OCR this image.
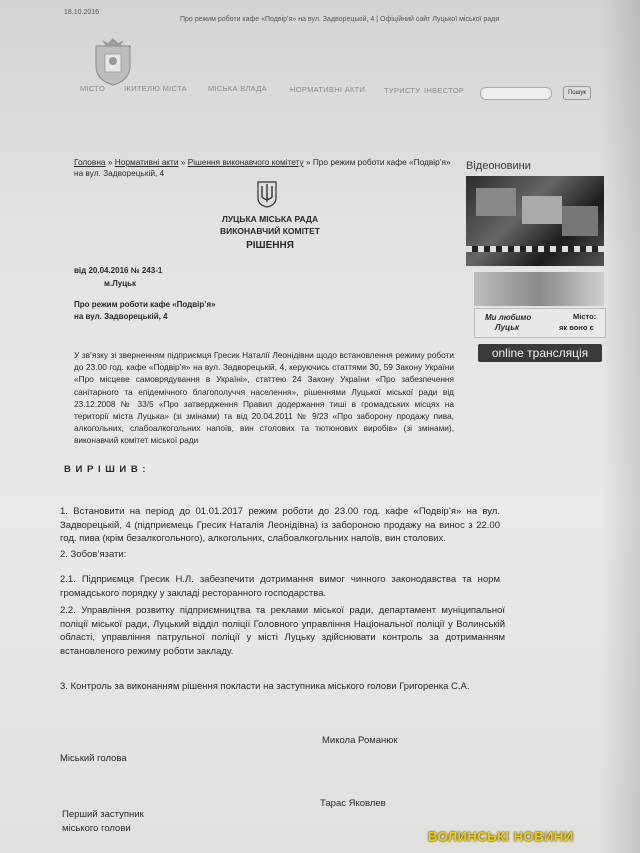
18.10.2016
Про режим роботи кафе «Подвір’я» на вул. Задворецькій, 4 | Офіційний сайт Луцької міської ради
МІСТО	ЖИТЕЛЮ МІСТА	МІСЬКА ВЛАДА	НОРМАТИВНІ АКТИ	ТУРИСТУ ІНВЕСТОР	Пошук
Головна » Нормативні акти » Рішення виконавчого комітету » Про режим роботи кафе «Подвір’я» на вул. Задворецькій, 4
ЛУЦЬКА МІСЬКА РАДА
ВИКОНАВЧИЙ КОМІТЕТ
РІШЕННЯ
від 20.04.2016 № 243-1
м.Луцьк
Про режим роботи кафе «Подвір’я»
на вул. Задворецькій, 4
У зв’язку зі зверненням підприємця Гресик Наталії Леонідівни щодо встановлення режиму роботи до 23.00 год. кафе «Подвір’я» на вул. Задворецькій, 4, керуючись статтями 30, 59 Закону України «Про місцеве самоврядування в Україні», статтею 24 Закону України «Про забезпечення санітарного та епідемічного благополуччя населення», рішеннями Луцької міської ради від 23.12.2008 № 33/5 «Про затвердження Правил додержання тиші в громадських місцях на території міста Луцька» (зі змінами) та від 20.04.2011 № 9/23 «Про заборону продажу пива, алкогольних, слабоалкогольних напоїв, вин столових та тютюнових виробів» (зі змінами), виконавчий комітет міської ради
В И Р І Ш И В :
1. Встановити на період до 01.01.2017 режим роботи до 23.00 год. кафе «Подвір’я» на вул. Задворецькій, 4 (підприємець Гресик Наталія Леонідівна) із забороною продажу на винос з 22.00 год. пива (крім безалкогольного), алкогольних, слабоалкогольних напоїв, вин столових.
2. Зобов’язати:
2.1. Підприємця Гресик Н.Л. забезпечити дотримання вимог чинного законодавства та норм громадського порядку у закладі ресторанного господарства.
2.2. Управління розвитку підприємництва та реклами міської ради, департамент муніципальної поліції міської ради, Луцький відділ поліції Головного управління Національної поліції у Волинській області, управління патрульної поліції у місті Луцьку здійснювати контроль за дотриманням встановленого режиму роботи закладу.
3. Контроль за виконанням рішення покласти на заступника міського голови Григоренка С.А.
Микола Романюк
Міський голова
Тарас Яковлев
Перший заступник
міського голови
Відеоновини
Ми любимо
Луцьк
Місто:
як воно є
online трансляція
ВОЛИНСЬКІ НОВИНИ
